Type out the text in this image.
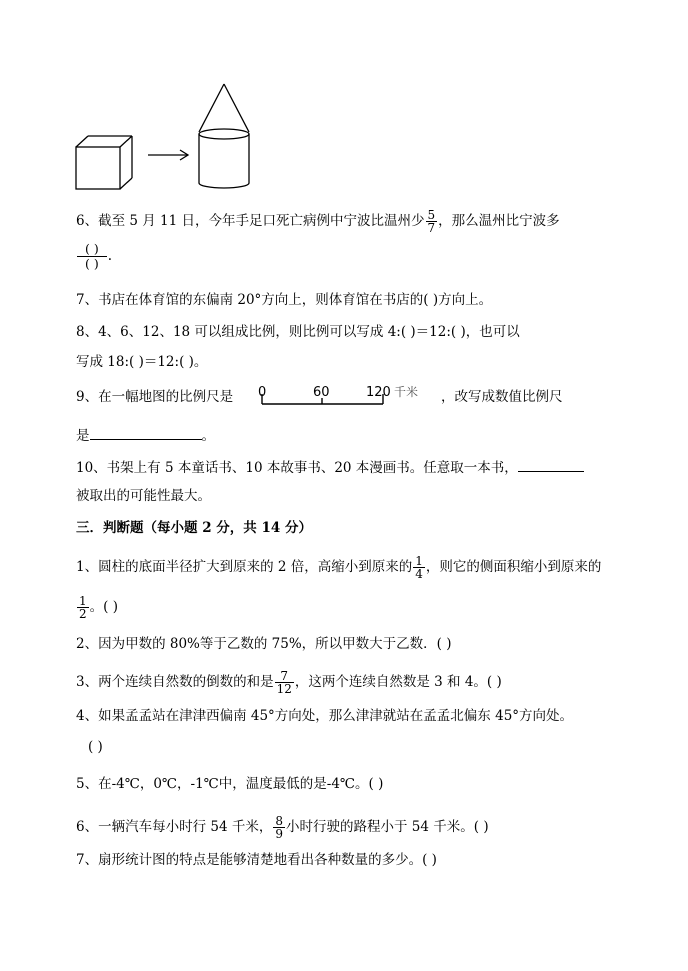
6、截至 5 月 11 日，今年手足口死亡病例中宁波比温州少 $\frac{5}{7}$ ，那么温州比宁波多
$\frac{( )}{( )}$ .
7、书店在体育馆的东偏南 20°方向上，则体育馆在书店的( )方向上。
8、4、6、12、18 可以组成比例，则比例可以写成 4:( )＝12:( )，也可以
写成 18:( )＝12:( )。
9、在一幅地图的比例尺是 0	60	120 千米 ，改写成数值比例尺
是	。
10、书架上有 5 本童话书、10 本故事书、20 本漫画书。任意取一本书，
被取出的可能性最大。
三．判断题（每小题 2 分，共 14 分）
1、圆柱的底面半径扩大到原来的 2 倍，高缩小到原来的 $\frac{1}{4}$ ，则它的侧面积缩小到原来的
$\frac{1}{2}$ 。( )
2、因为甲数的 80%等于乙数的 75%，所以甲数大于乙数．( )
3、两个连续自然数的倒数的和是 $\frac{7}{12}$ ，这两个连续自然数是 3 和 4。( )
4、如果孟孟站在津津西偏南 45°方向处，那么津津就站在孟孟北偏东 45°方向处。
( )
5、在-4℃，0℃，-1℃中，温度最低的是-4℃。( )
6、一辆汽车每小时行 54 千米， $\frac{8}{9}$ 小时行驶的路程小于 54 千米。( )
7、扇形统计图的特点是能够清楚地看出各种数量的多少。( )
